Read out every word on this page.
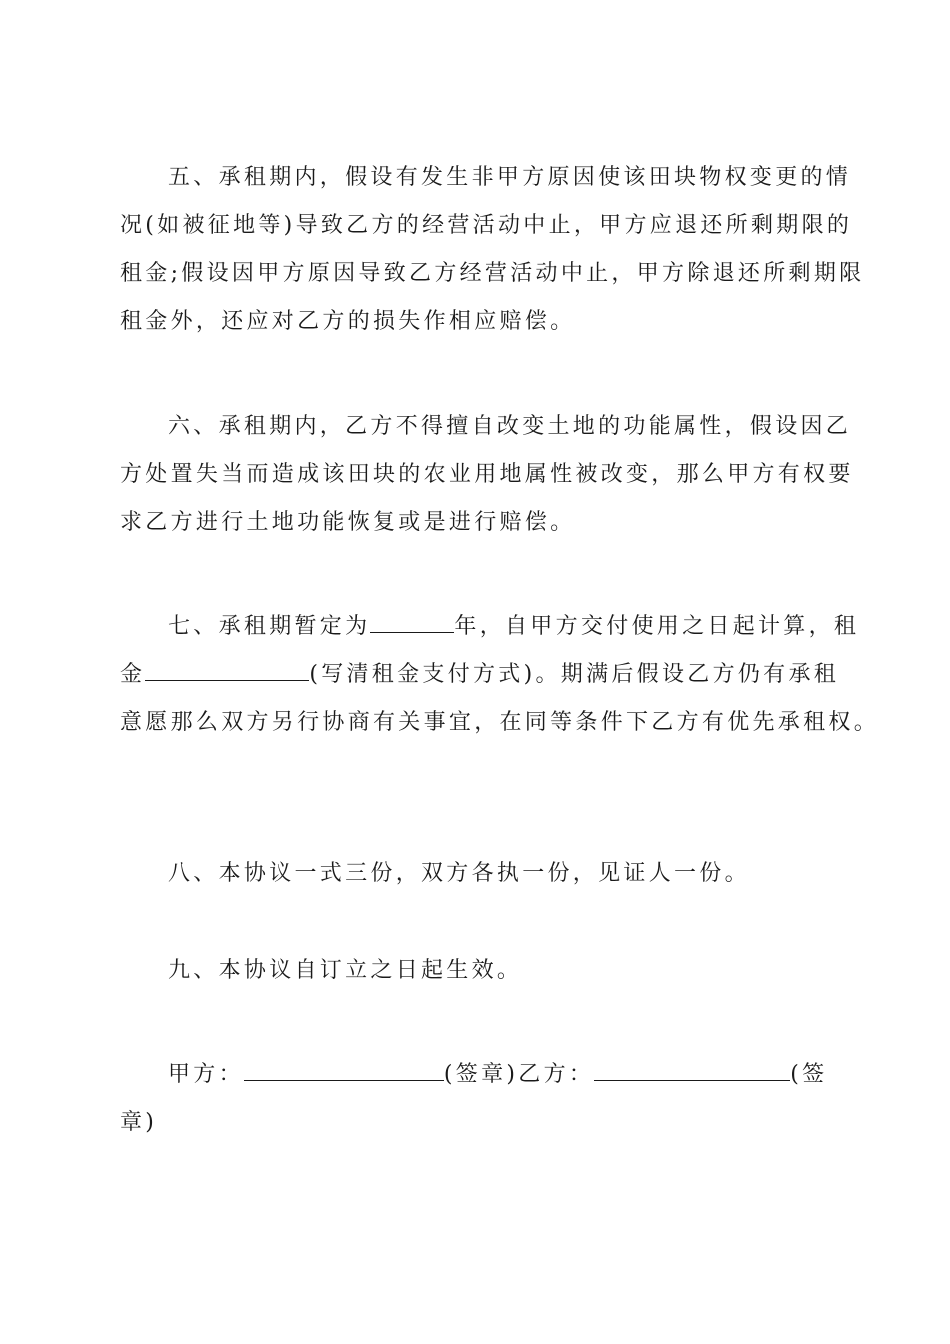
五、承租期内，假设有发生非甲方原因使该田块物权变更的情
况(如被征地等)导致乙方的经营活动中止，甲方应退还所剩期限的
租金;假设因甲方原因导致乙方经营活动中止，甲方除退还所剩期限
租金外，还应对乙方的损失作相应赔偿。
六、承租期内，乙方不得擅自改变土地的功能属性，假设因乙
方处置失当而造成该田块的农业用地属性被改变，那么甲方有权要
求乙方进行土地功能恢复或是进行赔偿。
七、承租期暂定为	年，自甲方交付使用之日起计算，租
金	(写清租金支付方式)。期满后假设乙方仍有承租
意愿那么双方另行协商有关事宜，在同等条件下乙方有优先承租权。
八、本协议一式三份，双方各执一份，见证人一份。
九、本协议自订立之日起生效。
甲方：	(签章)乙方：	(签
章)
